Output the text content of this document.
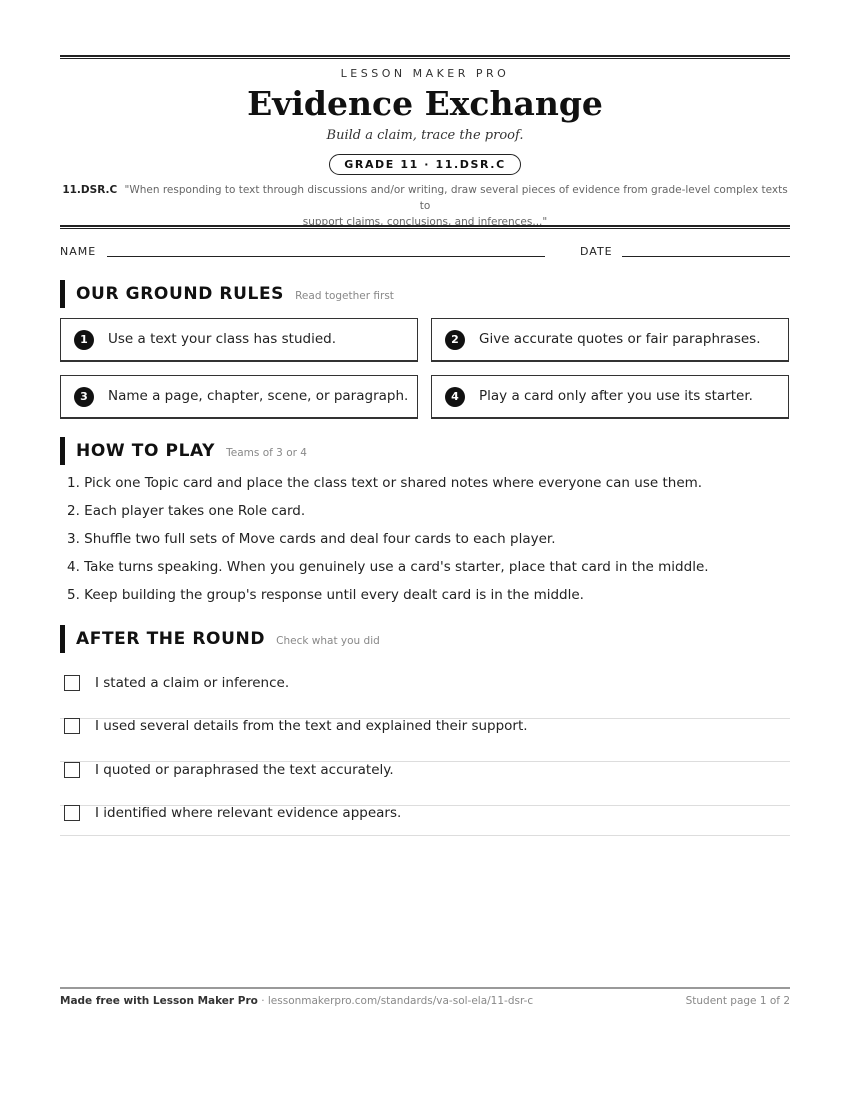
LESSON MAKER PRO
Evidence Exchange
Build a claim, trace the proof.
GRADE 11 · 11.DSR.C
11.DSR.C "When responding to text through discussions and/or writing, draw several pieces of evidence from grade-level complex texts to
support claims, conclusions, and inferences..."
NAME	DATE
OUR GROUND RULES Read together first
1	Use a text your class has studied.	2	Give accurate quotes or fair paraphrases.
3	Name a page, chapter, scene, or paragraph.	4	Play a card only after you use its starter.
HOW TO PLAY Teams of 3 or 4
1. Pick one Topic card and place the class text or shared notes where everyone can use them.
2. Each player takes one Role card.
3. Shuffle two full sets of Move cards and deal four cards to each player.
4. Take turns speaking. When you genuinely use a card's starter, place that card in the middle.
5. Keep building the group's response until every dealt card is in the middle.
AFTER THE ROUND Check what you did
I stated a claim or inference.
I used several details from the text and explained their support.
I quoted or paraphrased the text accurately.
I identified where relevant evidence appears.
Made free with Lesson Maker Pro · lessonmakerpro.com/standards/va-sol-ela/11-dsr-c	Student page 1 of 2
